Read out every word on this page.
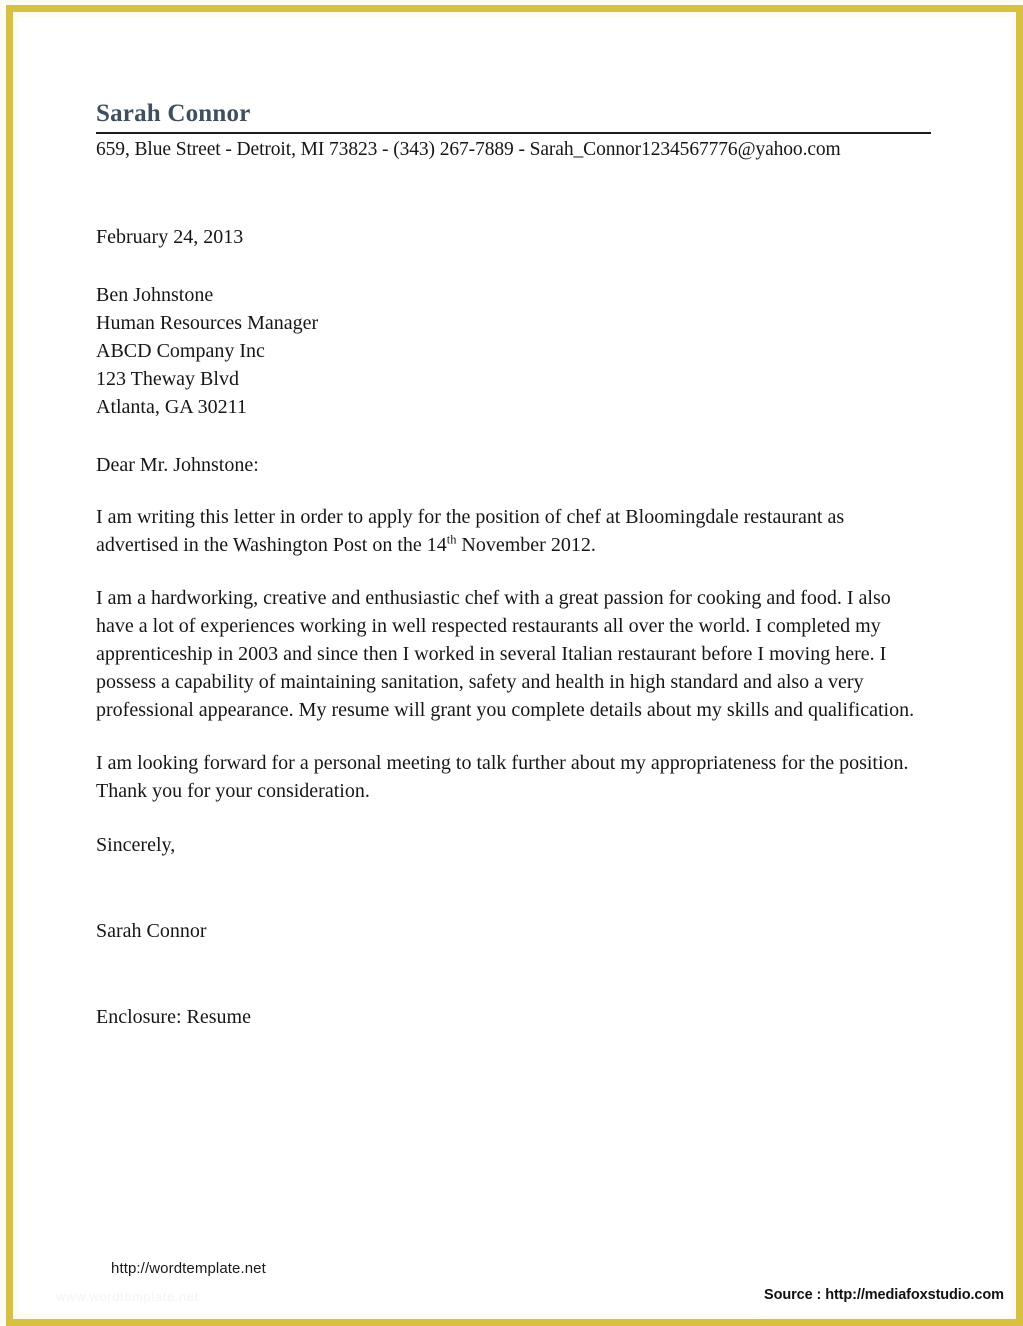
Sarah Connor

659, Blue Street - Detroit, MI 73823 - (343) 267-7889 - Sarah_Connor1234567776@yahoo.com

February 24, 2013

Ben Johnstone
Human Resources Manager
ABCD Company Inc
123 Theway Blvd
Atlanta, GA 30211

Dear Mr. Johnstone:

I am writing this letter in order to apply for the position of chef at Bloomingdale restaurant as advertised in the Washington Post on the 14th November 2012.

I am a hardworking, creative and enthusiastic chef with a great passion for cooking and food. I also have a lot of experiences working in well respected restaurants all over the world. I completed my apprenticeship in 2003 and since then I worked in several Italian restaurant before I moving here. I possess a capability of maintaining sanitation, safety and health in high standard and also a very professional appearance. My resume will grant you complete details about my skills and qualification.

I am looking forward for a personal meeting to talk further about my appropriateness for the position. Thank you for your consideration.

Sincerely,

Sarah Connor

Enclosure: Resume

http://wordtemplate.net
www.wordtemplate.net	Source : http://mediafoxstudio.com
